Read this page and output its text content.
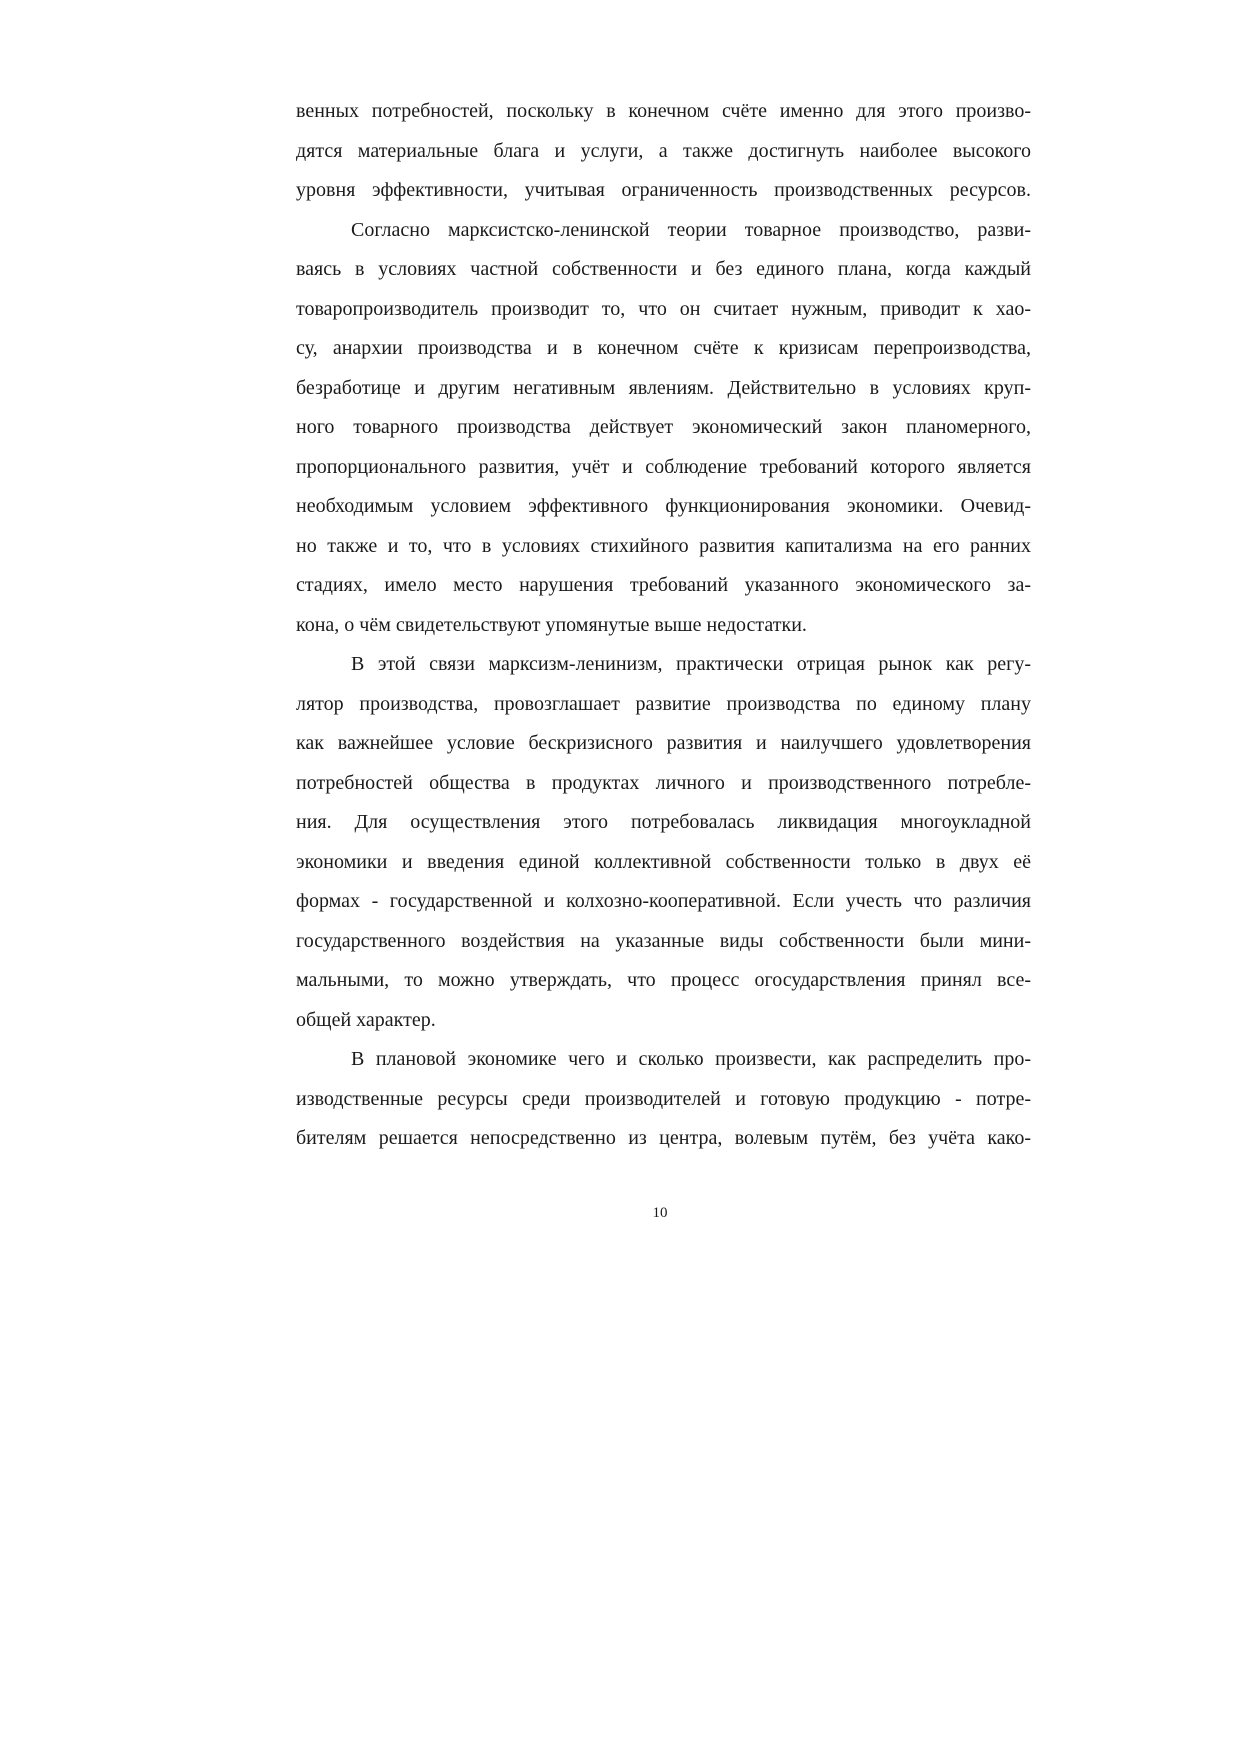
венных потребностей, поскольку в конечном счёте именно для этого произво-
дятся материальные блага и услуги, а также достигнуть наиболее высокого
уровня эффективности, учитывая ограниченность производственных ресурсов.
Согласно марксистско-ленинской теории товарное производство, разви-
ваясь в условиях частной собственности и без единого плана, когда каждый
товаропроизводитель производит то, что он считает нужным, приводит к хао-
су, анархии производства и в конечном счёте к кризисам перепроизводства,
безработице и другим негативным явлениям. Действительно в условиях круп-
ного товарного производства действует экономический закон планомерного,
пропорционального развития, учёт и соблюдение требований которого является
необходимым условием эффективного функционирования экономики. Очевид-
но также и то, что в условиях стихийного развития капитализма на его ранних
стадиях, имело место нарушения требований указанного экономического за-
кона, о чём свидетельствуют упомянутые выше недостатки.
В этой связи марксизм-ленинизм, практически отрицая рынок как регу-
лятор производства, провозглашает развитие производства по единому плану
как важнейшее условие бескризисного развития и наилучшего удовлетворения
потребностей общества в продуктах личного и производственного потребле-
ния. Для осуществления этого потребовалась ликвидация многоукладной
экономики и введения единой коллективной собственности только в двух её
формах - государственной и колхозно-кооперативной. Если учесть что различия
государственного воздействия на указанные виды собственности были мини-
мальными, то можно утверждать, что процесс огосударствления принял все-
общей характер.
В плановой экономике чего и сколько произвести, как распределить про-
изводственные ресурсы среди производителей и готовую продукцию - потре-
бителям решается непосредственно из центра, волевым путём, без учёта како-
10
